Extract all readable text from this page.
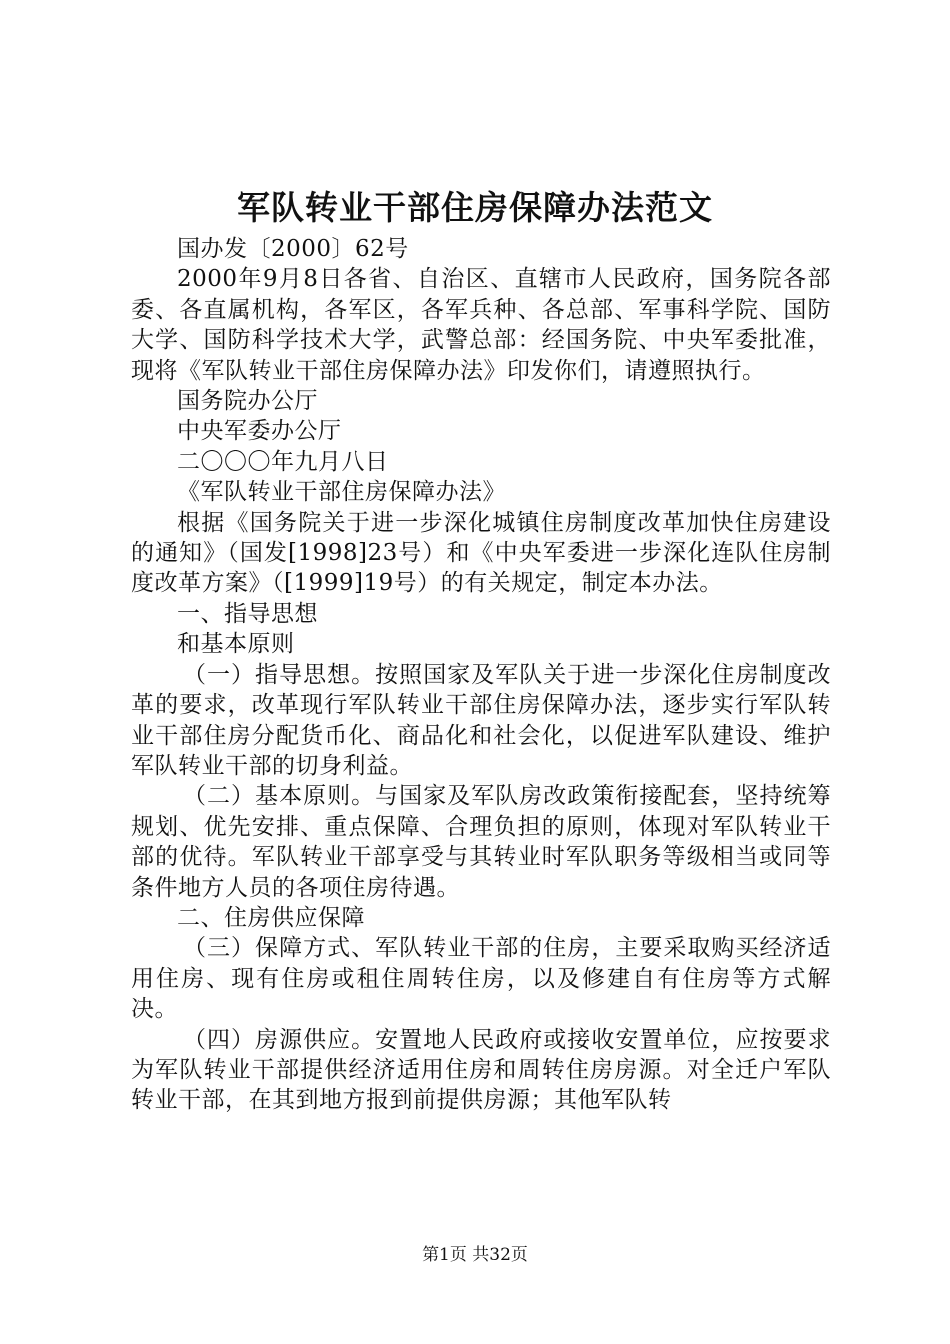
军队转业干部住房保障办法范文

国办发〔2000〕62号

2000年9月8日各省、自治区、直辖市人民政府，国务院各部委、各直属机构，各军区，各军兵种、各总部、军事科学院、国防大学、国防科学技术大学，武警总部：经国务院、中央军委批准，现将《军队转业干部住房保障办法》印发你们，请遵照执行。

国务院办公厅

中央军委办公厅

二〇〇〇年九月八日

《军队转业干部住房保障办法》

根据《国务院关于进一步深化城镇住房制度改革加快住房建设的通知》（国发[1998]23号）和《中央军委进一步深化连队住房制度改革方案》（[1999]19号）的有关规定，制定本办法。

一、指导思想

和基本原则

（一）指导思想。按照国家及军队关于进一步深化住房制度改革的要求，改革现行军队转业干部住房保障办法，逐步实行军队转业干部住房分配货币化、商品化和社会化，以促进军队建设、维护军队转业干部的切身利益。

（二）基本原则。与国家及军队房改政策衔接配套，坚持统筹规划、优先安排、重点保障、合理负担的原则，体现对军队转业干部的优待。军队转业干部享受与其转业时军队职务等级相当或同等条件地方人员的各项住房待遇。

二、住房供应保障

（三）保障方式、军队转业干部的住房，主要采取购买经济适用住房、现有住房或租住周转住房，以及修建自有住房等方式解决。

（四）房源供应。安置地人民政府或接收安置单位，应按要求为军队转业干部提供经济适用住房和周转住房房源。对全迁户军队转业干部，在其到地方报到前提供房源；其他军队转

第1页 共32页
